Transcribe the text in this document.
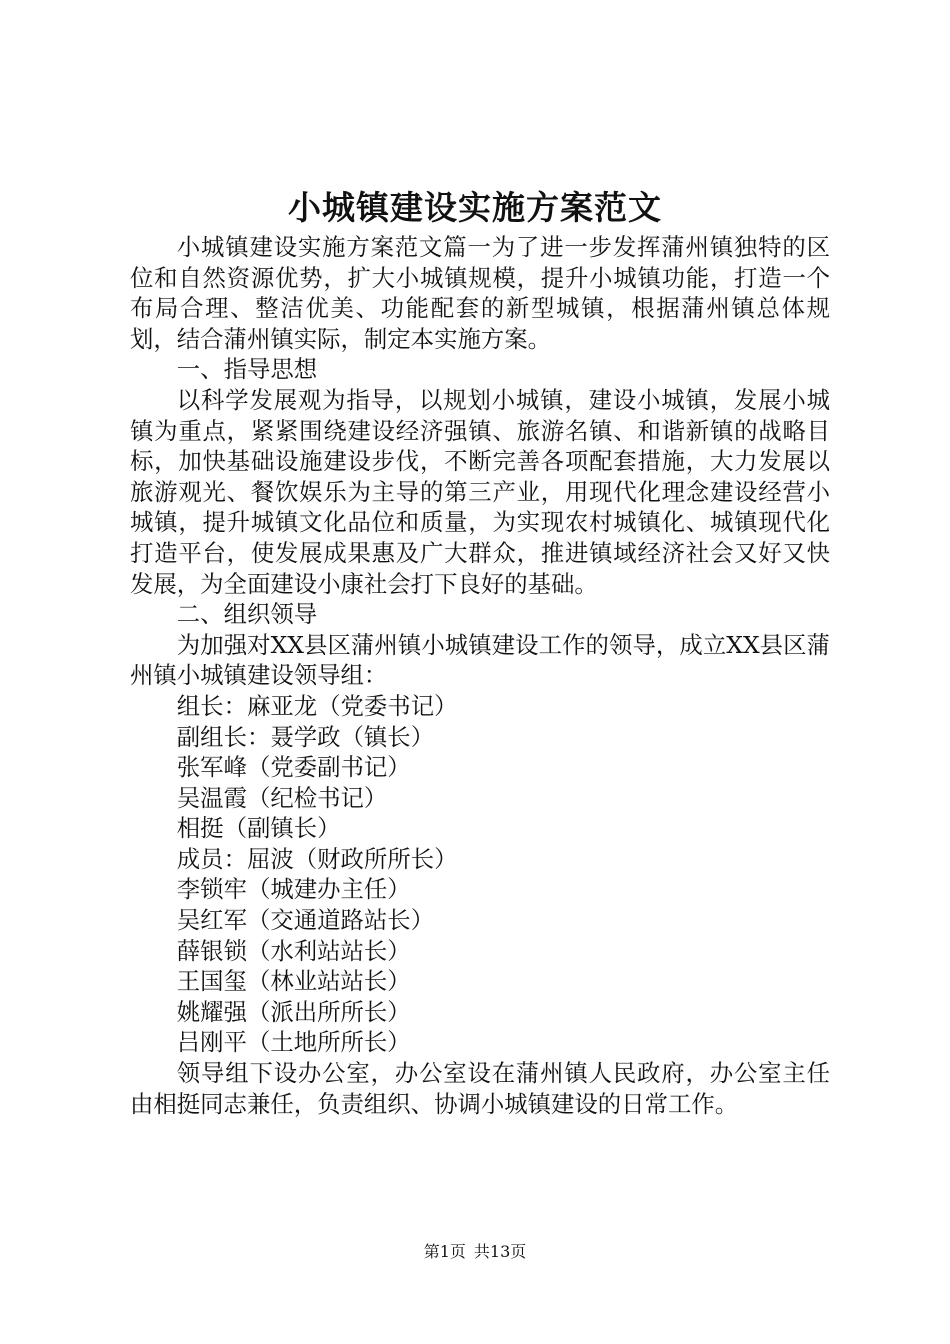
小城镇建设实施方案范文

小城镇建设实施方案范文篇一为了进一步发挥蒲州镇独特的区位和自然资源优势，扩大小城镇规模，提升小城镇功能，打造一个布局合理、整洁优美、功能配套的新型城镇，根据蒲州镇总体规划，结合蒲州镇实际，制定本实施方案。

一、指导思想

以科学发展观为指导，以规划小城镇，建设小城镇，发展小城镇为重点，紧紧围绕建设经济强镇、旅游名镇、和谐新镇的战略目标，加快基础设施建设步伐，不断完善各项配套措施，大力发展以旅游观光、餐饮娱乐为主导的第三产业，用现代化理念建设经营小城镇，提升城镇文化品位和质量，为实现农村城镇化、城镇现代化打造平台，使发展成果惠及广大群众，推进镇域经济社会又好又快发展，为全面建设小康社会打下良好的基础。

二、组织领导

为加强对XX县区蒲州镇小城镇建设工作的领导，成立XX县区蒲州镇小城镇建设领导组：

组长：麻亚龙（党委书记）

副组长：聂学政（镇长）

张军峰（党委副书记）

吴温霞（纪检书记）

相挺（副镇长）

成员：屈波（财政所所长）

李锁牢（城建办主任）

吴红军（交通道路站长）

薛银锁（水利站站长）

王国玺（林业站站长）

姚耀强（派出所所长）

吕刚平（土地所所长）

领导组下设办公室，办公室设在蒲州镇人民政府，办公室主任由相挺同志兼任，负责组织、协调小城镇建设的日常工作。

第1页 共13页
